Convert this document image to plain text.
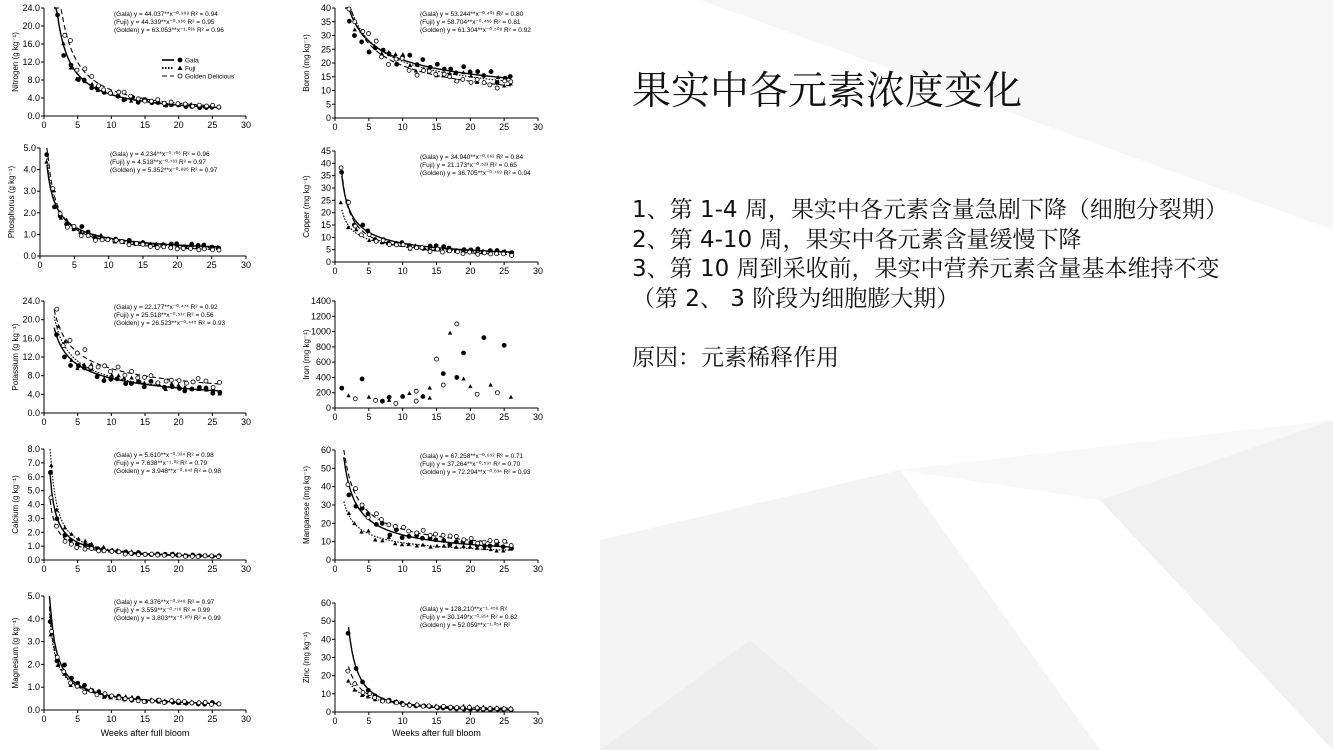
0	5	10	15	20	25	30
0.0
4.0
8.0
12.0
16.0
20.0
24.0
Nitrogen (g kg⁻¹)
(Gala) y = 44.037**x⁻⁰·⁹⁶⁸ R² = 0.94
(Fuji) y = 44.339**x⁻⁰·⁹⁶⁶ R² = 0.95
(Golden) y = 63.053**x⁻¹·⁰³⁶ R² = 0.96
Gala
Fuji
Golden Delicious
0	5	10	15	20	25	30
0
5
10
15
20
25
30
35
40
Boron (mg kg⁻¹)
(Gala) y = 53.244**x⁻⁰·⁴⁰¹ R² = 0.80
(Fuji) y = 58.704**x⁻⁰·⁴⁵⁶ R² = 0.81
(Golden) y = 61.304**x⁻⁰·⁵⁰⁸ R² = 0.92
0	5	10	15	20	25	30
0.0
1.0
2.0
3.0
4.0
5.0
Phosphorus (g kg⁻¹)
(Gala) y = 4.234**x⁻⁰·⁷⁰⁶ R² = 0.96
(Fuji) y = 4.518**x⁻⁰·⁷⁶³ R² = 0.97
(Golden) y = 5.352**x⁻⁰·⁸⁸⁶ R² = 0.97
0	5	10	15	20	25	30
0
5
10
15
20
25
30
35
40
45
Copper (mg kg⁻¹)
(Gala) y = 34.940**x⁻⁰·⁶⁶² R² = 0.84
(Fuji) y = 21.173*x⁻⁰·⁵²³ R² = 0.65
(Golden) y = 36.705**x⁻⁰·⁷⁶⁹ R² = 0.94
0	5	10	15	20	25	30
0.0
4.0
8.0
12.0
16.0
20.0
24.0
Potassium (g kg⁻¹)
(Gala) y = 22.177**x⁻⁰·⁴⁷⁴ R² = 0.92
(Fuji) y = 25.518**x⁻⁰·⁵¹⁷ R² = 0.56
(Golden) y = 26.523**x⁻⁰·⁴⁴⁵ R² = 0.93
0	5	10	15	20	25	30
0
200
400
600
800
1000
1200
1400
Iron (mg kg⁻¹)
0	5	10	15	20	25	30
0.0
1.0
2.0
3.0
4.0
5.0
6.0
7.0
8.0
Calcium (g kg⁻¹)
(Gala) y = 5.610**x⁻⁰·⁹²⁴ R² = 0.98
(Fuji) y = 7.638**x⁻¹·⁰² R² = 0.79
(Golden) y = 3.948**x⁻⁰·⁸⁴² R² = 0.98
0	5	10	15	20	25	30
0
10
20
30
40
50
60
Manganese (mg kg⁻¹)
(Gala) y = 67.258**x⁻⁰·⁶⁹² R² = 0.71
(Fuji) y = 37.264**x⁻⁰·⁵⁹⁷ R² = 0.70
(Golden) y = 72.294**x⁻⁰·⁶³⁴ R² = 0.93
0	5	10	15	20	25	30
0.0
1.0
2.0
3.0
4.0
5.0
Magnesium (g kg⁻¹)
(Gala) y = 4.376**x⁻⁰·⁸⁴⁸ R² = 0.97
(Fuji) y = 3.559**x⁻⁰·⁷⁷⁶ R² = 0.99
(Golden) y = 3.803**x⁻⁰·⁸⁰³ R² = 0.99
0	5	10	15	20	25	30
0
10
20
30
40
50
60
Zinc (mg kg⁻¹)
(Gala) y = 128.210**x⁻¹·⁴⁵⁸ R²
(Fuji) y = 30.149*x⁻⁰·⁸¹⁴ R² = 0.62
(Golden) y = 52.059**x⁻¹·⁰⁵⁴ R²
Weeks after full bloom
Weeks after full bloom
果实中各元素浓度变化

1、第 1-4 周，果实中各元素含量急剧下降（细胞分裂期）

2、第 4-10 周，果实中各元素含量缓慢下降

3、第 10 周到采收前，果实中营养元素含量基本维持不变

（第 2、 3 阶段为细胞膨大期）

原因：元素稀释作用
